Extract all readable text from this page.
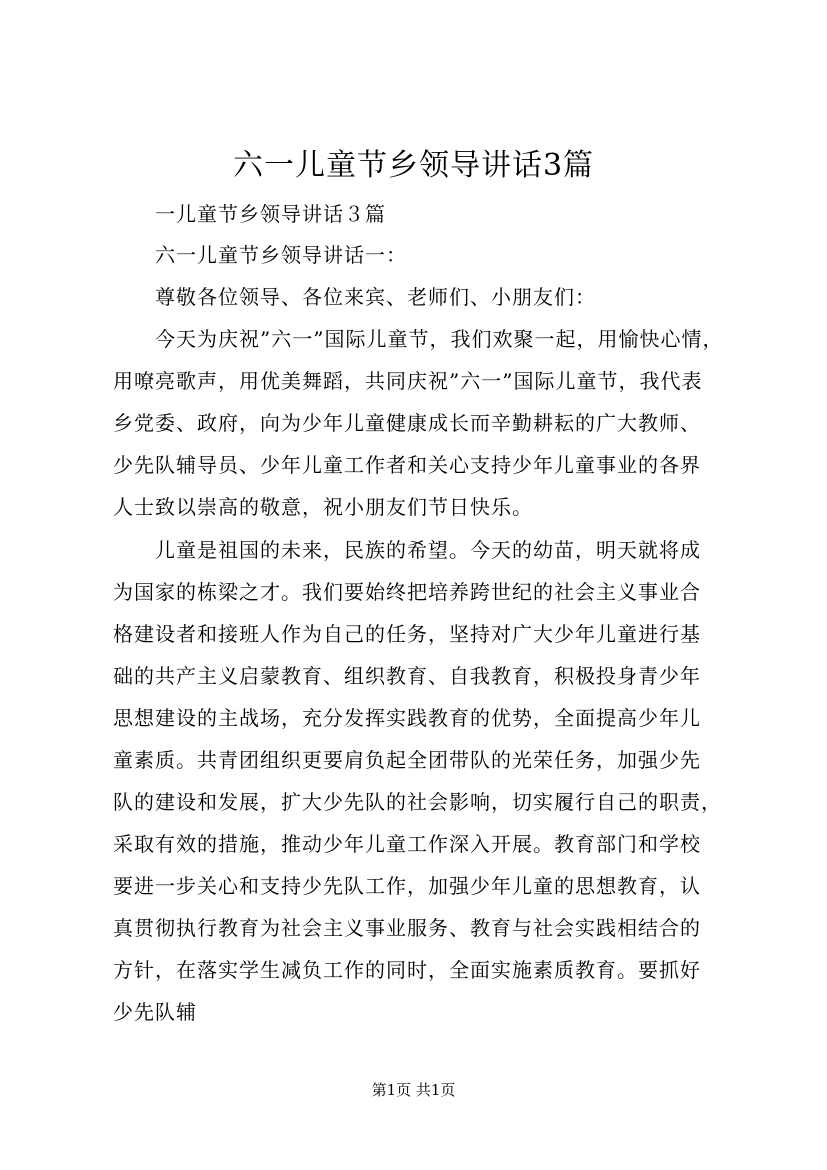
六一儿童节乡领导讲话3篇
一儿童节乡领导讲话３篇
六一儿童节乡领导讲话一：
尊敬各位领导、各位来宾、老师们、小朋友们：
今天为庆祝”六一”国际儿童节，我们欢聚一起，用愉快心情，
用嘹亮歌声，用优美舞蹈，共同庆祝”六一”国际儿童节，我代表
乡党委、政府，向为少年儿童健康成长而辛勤耕耘的广大教师、
少先队辅导员、少年儿童工作者和关心支持少年儿童事业的各界
人士致以崇高的敬意，祝小朋友们节日快乐。
儿童是祖国的未来，民族的希望。今天的幼苗，明天就将成
为国家的栋梁之才。我们要始终把培养跨世纪的社会主义事业合
格建设者和接班人作为自己的任务，坚持对广大少年儿童进行基
础的共产主义启蒙教育、组织教育、自我教育，积极投身青少年
思想建设的主战场，充分发挥实践教育的优势，全面提高少年儿
童素质。共青团组织更要肩负起全团带队的光荣任务，加强少先
队的建设和发展，扩大少先队的社会影响，切实履行自己的职责，
采取有效的措施，推动少年儿童工作深入开展。教育部门和学校
要进一步关心和支持少先队工作，加强少年儿童的思想教育，认
真贯彻执行教育为社会主义事业服务、教育与社会实践相结合的
方针，在落实学生减负工作的同时，全面实施素质教育。要抓好
少先队辅
第1页 共1页
